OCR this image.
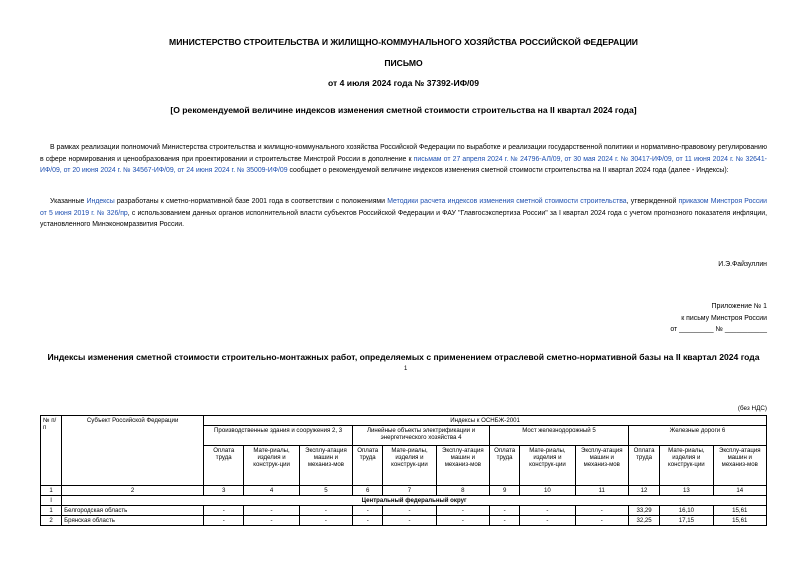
МИНИСТЕРСТВО СТРОИТЕЛЬСТВА И ЖИЛИЩНО-КОММУНАЛЬНОГО ХОЗЯЙСТВА РОССИЙСКОЙ ФЕДЕРАЦИИ
ПИСЬМО
от 4 июля 2024 года № 37392-ИФ/09
[О рекомендуемой величине индексов изменения сметной стоимости строительства на II квартал 2024 года]
В рамках реализации полномочий Министерства строительства и жилищно-коммунального хозяйства Российской Федерации по выработке и реализации государственной политики и нормативно-правовому регулированию в сфере нормирования и ценообразования при проектировании и строительстве Минстрой России в дополнение к письмам от 27 апреля 2024 г. № 24796-АЛ/09, от 30 мая 2024 г. № 30417-ИФ/09, от 11 июня 2024 г. № 32641-ИФ/09, от 20 июня 2024 г. № 34567-ИФ/09, от 24 июня 2024 г. № 35009-ИФ/09 сообщает о рекомендуемой величине индексов изменения сметной стоимости строительства на II квартал 2024 года (далее - Индексы):
Указанные Индексы разработаны к сметно-нормативной базе 2001 года в соответствии с положениями Методики расчета индексов изменения сметной стоимости строительства, утвержденной приказом Минстроя России от 5 июня 2019 г. № 326/пр, с использованием данных органов исполнительной власти субъектов Российской Федерации и ФАУ "Главгосэкспертиза России" за I квартал 2024 года с учетом прогнозного показателя инфляции, установленного Минэкономразвития России.
И.Э.Файзуллин
Приложение № 1
к письму Минстроя России
от _________ № ___________
Индексы изменения сметной стоимости строительно-монтажных работ, определяемых с применением отраслевой сметно-нормативной базы на II квартал 2024 года
1
(без НДС)
№ п/п	Субъект Российской Федерации	Индексы к ОСНБЖ-2001											
		Производственные здания и сооружения 2, 3			Линейные объекты электрификации и энергетического хозяйства 4			Мост железнодорожный 5			Железные дороги 6		
		Оплата труда	Мате-риалы, изделия и конструк-ции	Эксплу-атация машин и механиз-мов	Оплата труда	Мате-риалы, изделия и конструк-ции	Эксплу-атация машин и механиз-мов	Оплата труда	Мате-риалы, изделия и конструк-ции	Эксплу-атация машин и механиз-мов	Оплата труда	Мате-риалы, изделия и конструк-ции	Эксплу-атация машин и механиз-мов
1	2	3	4	5	6	7	8	9	10	11	12	13	14
I	Центральный федеральный округ												
1	Белгородская область	-	-	-	-	-	-	-	-	-	33,29	16,10	15,61
2	Брянская область	-	-	-	-	-	-	-	-	-	32,25	17,15	15,61
